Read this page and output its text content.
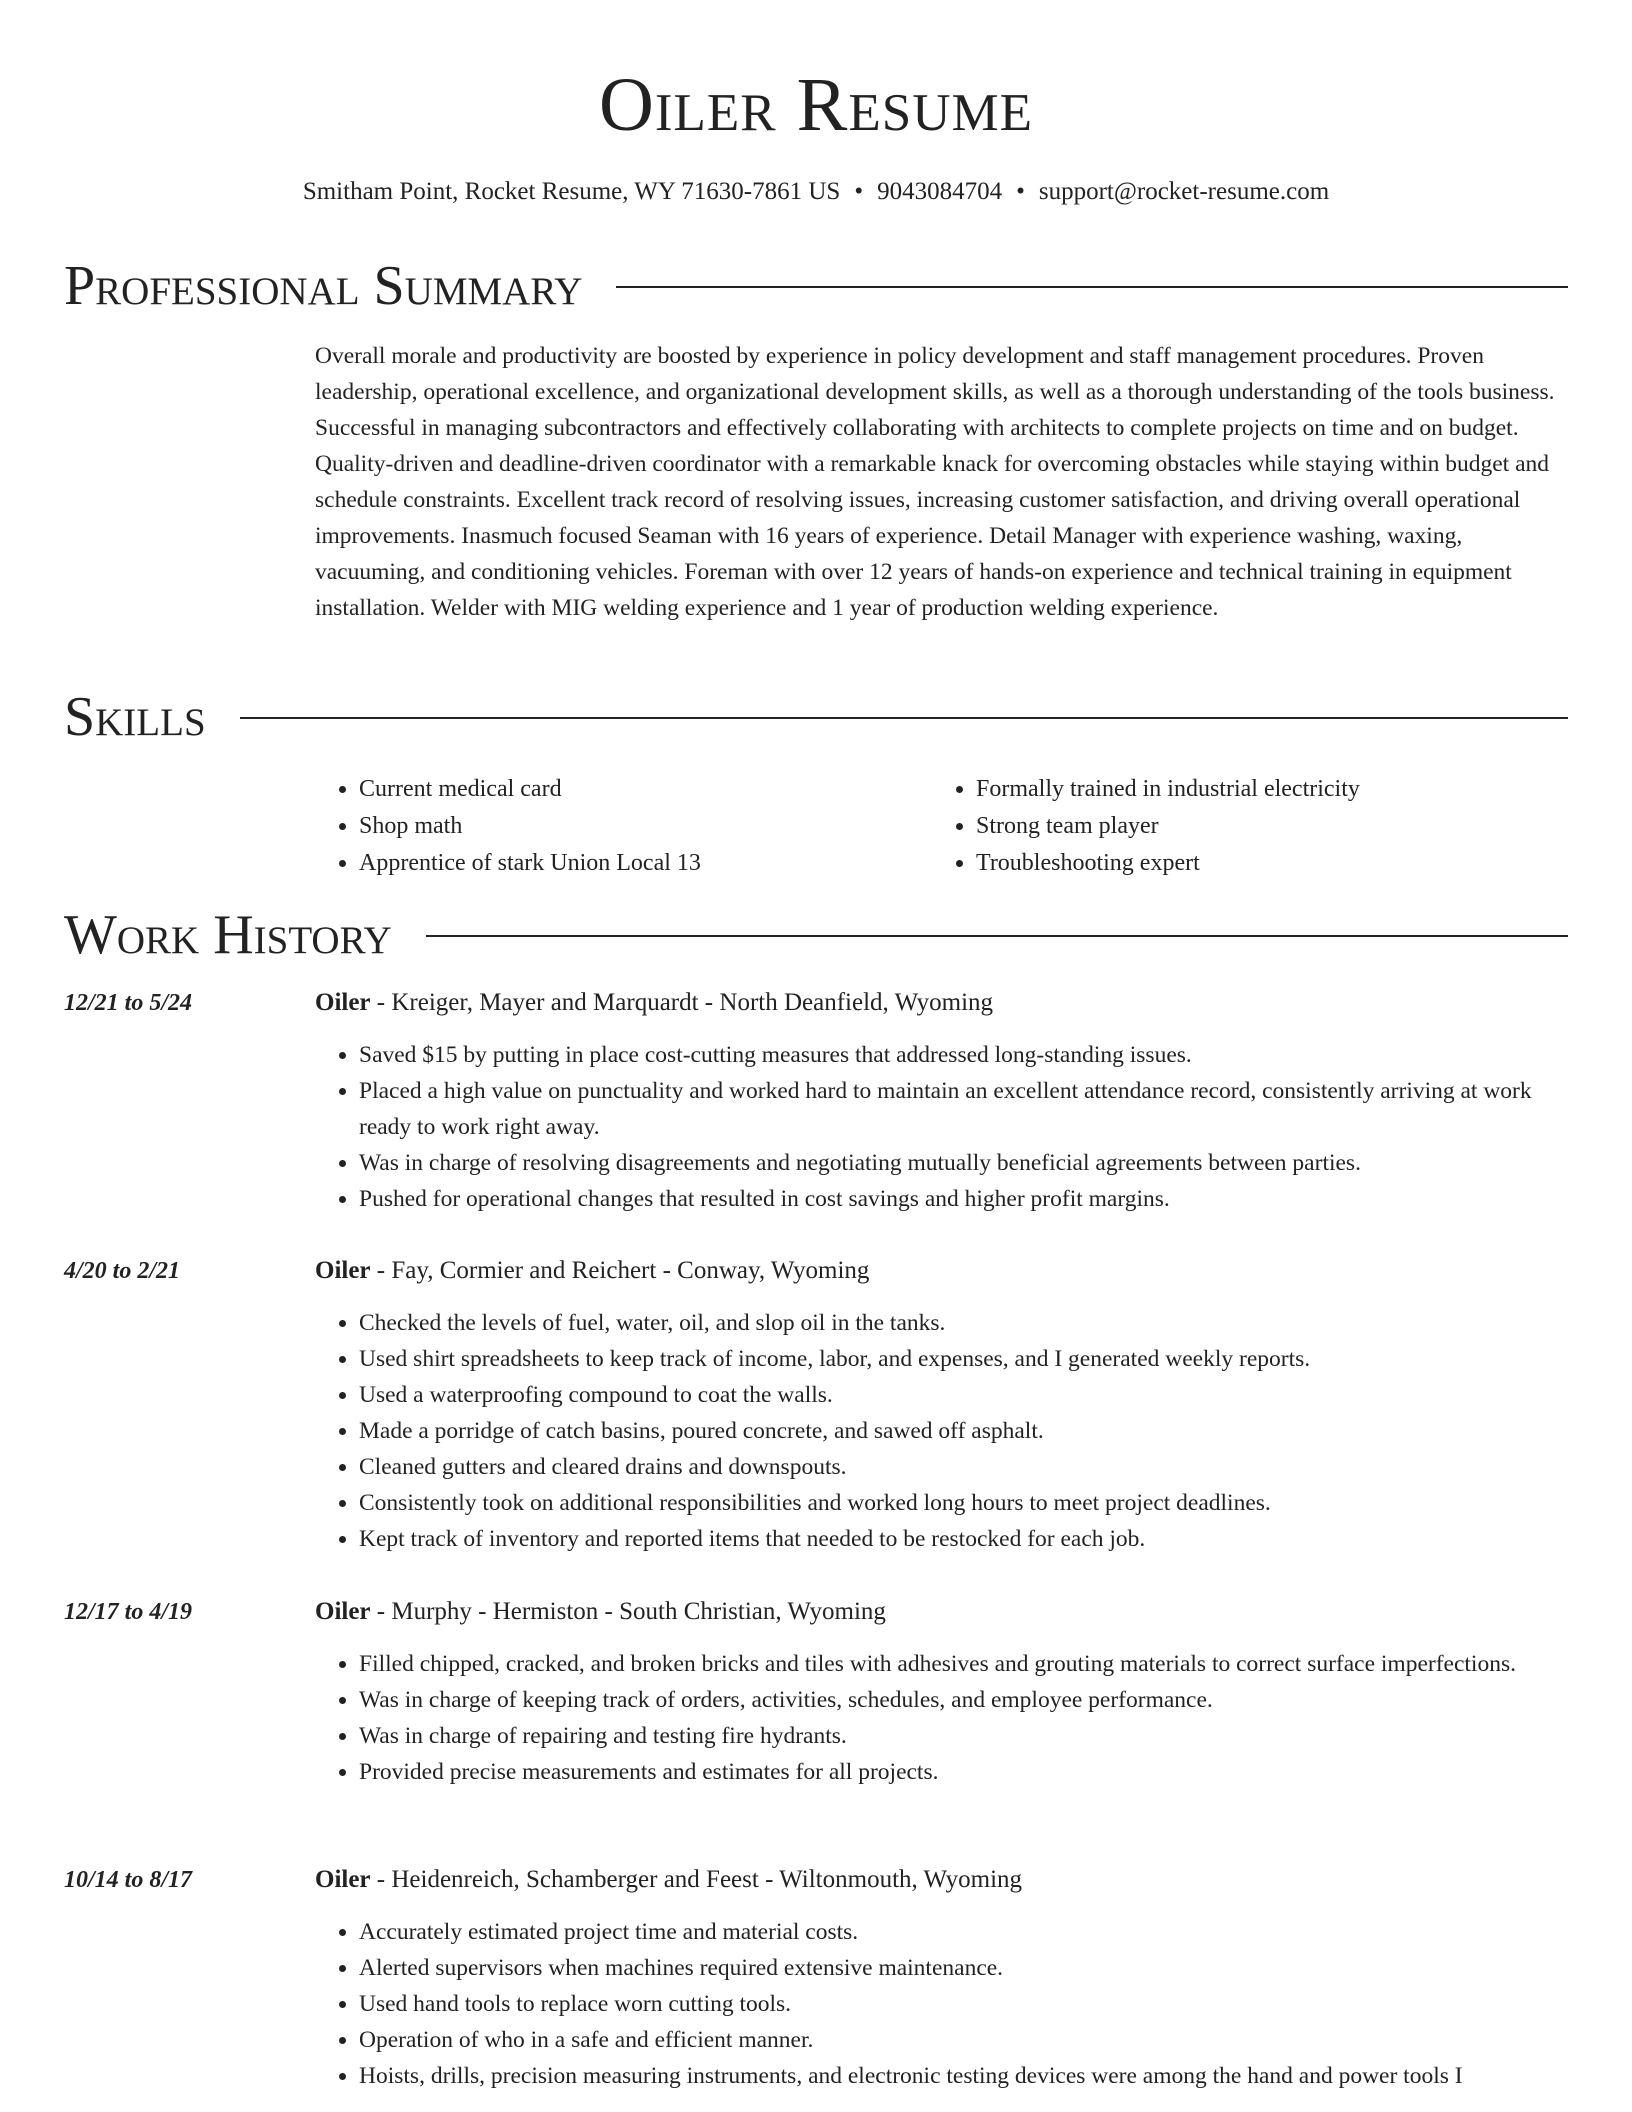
Oiler Resume
Smitham Point, Rocket Resume, WY 71630-7861 US • 9043084704 • support@rocket-resume.com
Professional Summary

Overall morale and productivity are boosted by experience in policy development and staff management procedures. Proven leadership, operational excellence, and organizational development skills, as well as a thorough understanding of the tools business. Successful in managing subcontractors and effectively collaborating with architects to complete projects on time and on budget. Quality-driven and deadline-driven coordinator with a remarkable knack for overcoming obstacles while staying within budget and schedule constraints. Excellent track record of resolving issues, increasing customer satisfaction, and driving overall operational improvements. Inasmuch focused Seaman with 16 years of experience. Detail Manager with experience washing, waxing, vacuuming, and conditioning vehicles. Foreman with over 12 years of hands-on experience and technical training in equipment installation. Welder with MIG welding experience and 1 year of production welding experience.

Skills
• Current medical card
• Shop math
• Apprentice of stark Union Local 13
• Formally trained in industrial electricity
• Strong team player
• Troubleshooting expert
Work History
12/21 to 5/24	Oiler - Kreiger, Mayer and Marquardt - North Deanfield, Wyoming
• Saved $15 by putting in place cost-cutting measures that addressed long-standing issues.
• Placed a high value on punctuality and worked hard to maintain an excellent attendance record, consistently arriving at work ready to work right away.
• Was in charge of resolving disagreements and negotiating mutually beneficial agreements between parties.
• Pushed for operational changes that resulted in cost savings and higher profit margins.
4/20 to 2/21	Oiler - Fay, Cormier and Reichert - Conway, Wyoming
• Checked the levels of fuel, water, oil, and slop oil in the tanks.
• Used shirt spreadsheets to keep track of income, labor, and expenses, and I generated weekly reports.
• Used a waterproofing compound to coat the walls.
• Made a porridge of catch basins, poured concrete, and sawed off asphalt.
• Cleaned gutters and cleared drains and downspouts.
• Consistently took on additional responsibilities and worked long hours to meet project deadlines.
• Kept track of inventory and reported items that needed to be restocked for each job.
12/17 to 4/19	Oiler - Murphy - Hermiston - South Christian, Wyoming
• Filled chipped, cracked, and broken bricks and tiles with adhesives and grouting materials to correct surface imperfections.
• Was in charge of keeping track of orders, activities, schedules, and employee performance.
• Was in charge of repairing and testing fire hydrants.
• Provided precise measurements and estimates for all projects.
10/14 to 8/17	Oiler - Heidenreich, Schamberger and Feest - Wiltonmouth, Wyoming
• Accurately estimated project time and material costs.
• Alerted supervisors when machines required extensive maintenance.
• Used hand tools to replace worn cutting tools.
• Operation of who in a safe and efficient manner.
• Hoists, drills, precision measuring instruments, and electronic testing devices were among the hand and power tools I
